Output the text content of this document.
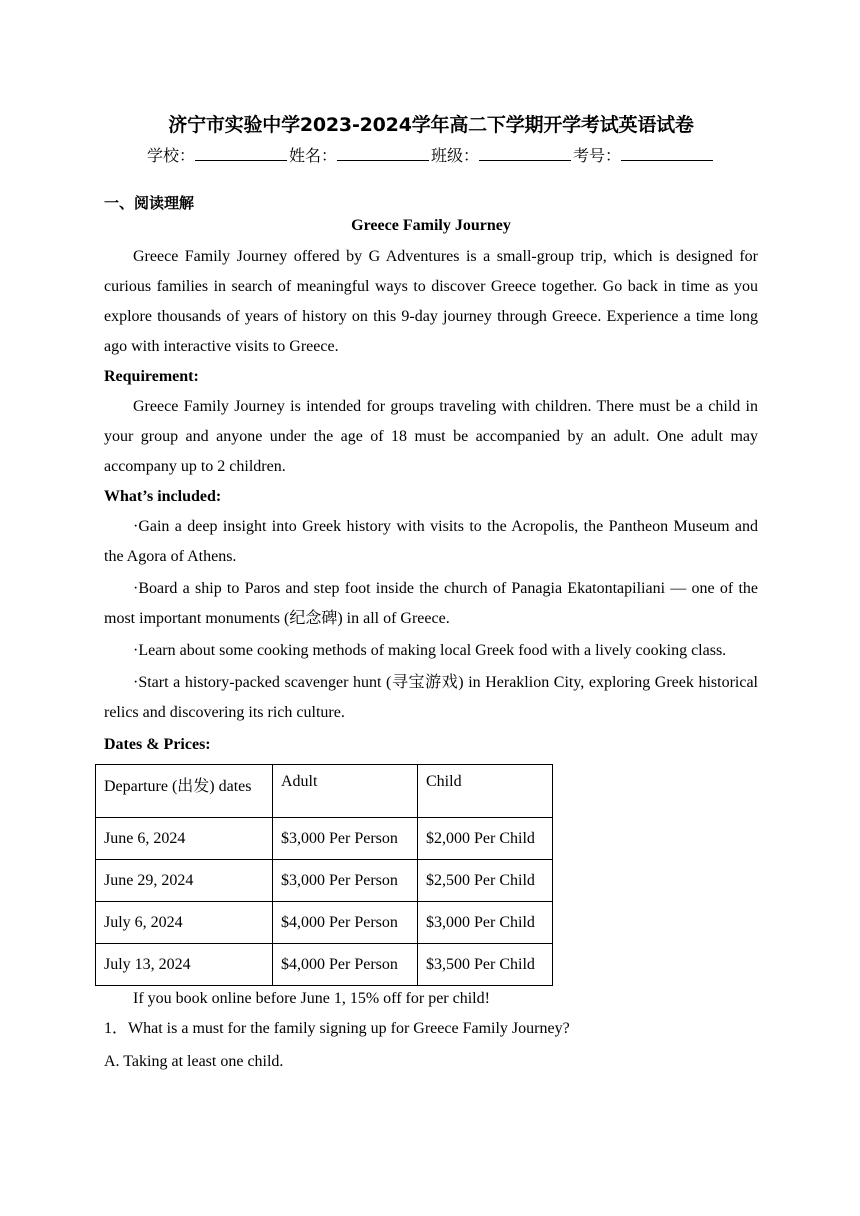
济宁市实验中学2023-2024学年高二下学期开学考试英语试卷
学校：	姓名：	班级：	考号：
一、阅读理解
Greece Family Journey

Greece Family Journey offered by G Adventures is a small-group trip, which is designed for curious families in search of meaningful ways to discover Greece together. Go back in time as you explore thousands of years of history on this 9-day journey through Greece. Experience a time long ago with interactive visits to Greece.

Requirement:

Greece Family Journey is intended for groups traveling with children. There must be a child in your group and anyone under the age of 18 must be accompanied by an adult. One adult may accompany up to 2 children.

What’s included:

·Gain a deep insight into Greek history with visits to the Acropolis, the Pantheon Museum and the Agora of Athens.

·Board a ship to Paros and step foot inside the church of Panagia Ekatontapiliani — one of the most important monuments (纪念碑) in all of Greece.

·Learn about some cooking methods of making local Greek food with a lively cooking class.

·Start a history-packed scavenger hunt (寻宝游戏) in Heraklion City, exploring Greek historical relics and discovering its rich culture.

Dates & Prices:
Departure (出发) dates	Adult	Child
June 6, 2024	$3,000 Per Person	$2,000 Per Child
June 29, 2024	$3,000 Per Person	$2,500 Per Child
July 6, 2024	$4,000 Per Person	$3,000 Per Child
July 13, 2024	$4,000 Per Person	$3,500 Per Child

If you book online before June 1, 15% off for per child!

1．What is a must for the family signing up for Greece Family Journey?
A. Taking at least one child.
